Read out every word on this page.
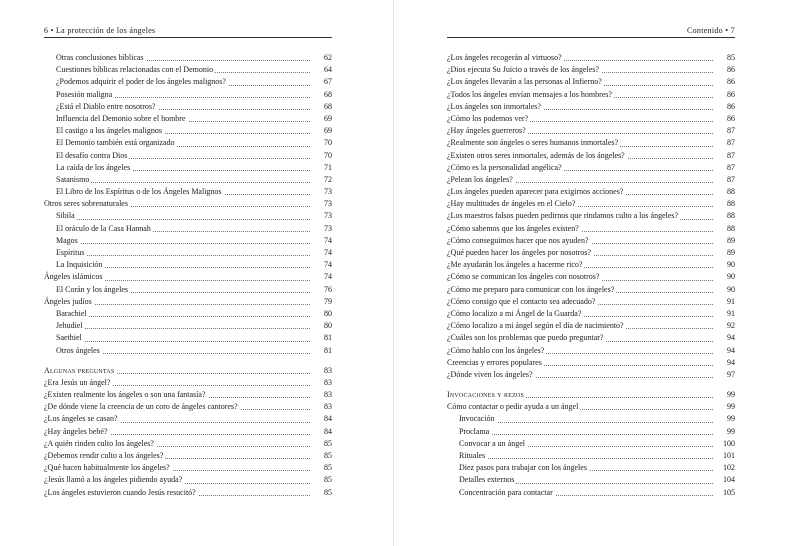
6 • La protección de los ángeles
Otras conclusiones bíblicas	62
Cuestiones bíblicas relacionadas con el Demonio	64
¿Podemos adquirir el poder de los ángeles malignos?	67
Posesión maligna	68
¿Está el Diablo entre nosotros?	68
Influencia del Demonio sobre el hombre	69
El castigo a los ángeles malignos	69
El Demonio también está organizado	70
El desafío contra Dios	70
La caída de los ángeles	71
Satanismo	72
El Libro de los Espíritus o de los Ángeles Malignos	73
Otros seres sobrenaturales	73
Sibila	73
El oráculo de la Casa Hannah	73
Magos	74
Espíritus	74
La Inquisición	74
Ángeles islámicos	74
El Corán y los ángeles	76
Ángeles judíos	79
Barachiel	80
Jehudiel	80
Saethiel	81
Otros ángeles	81
Algunas preguntas	83
¿Era Jesús un ángel?	83
¿Existen realmente los ángeles o son una fantasía?	83
¿De dónde viene la creencia de un coro de ángeles cantores?	83
¿Los ángeles se casan?	84
¿Hay ángeles bebé?	84
¿A quién rinden culto los ángeles?	85
¿Debemos rendir culto a los ángeles?	85
¿Qué hacen habitualmente los ángeles?	85
¿Jesús llamó a los ángeles pidiendo ayuda?	85
¿Los ángeles estuvieron cuando Jesús resucitó?	85
Contenido • 7
¿Los ángeles recogerán al virtuoso?	85
¿Dios ejecuta Su Juicio a través de los ángeles?	86
¿Los ángeles llevarán a las personas al Infierno?	86
¿Todos los ángeles envían mensajes a los hombres?	86
¿Los ángeles son inmortales?	86
¿Cómo los podemos ver?	86
¿Hay ángeles guerreros?	87
¿Realmente son ángeles o seres humanos inmortales?	87
¿Existen otros seres inmortales, además de los ángeles?	87
¿Cómo es la personalidad angélica?	87
¿Pelean los ángeles?	87
¿Los ángeles pueden aparecer para exigirnos acciones?	88
¿Hay multitudes de ángeles en el Cielo?	88
¿Los maestros falsos pueden pedirnos que rindamos culto a los ángeles?	88
¿Cómo sabemos que los ángeles existen?	88
¿Cómo conseguimos hacer que nos ayuden?	89
¿Qué pueden hacer los ángeles por nosotros?	89
¿Me ayudarán los ángeles a hacerme rico?	90
¿Cómo se comunican los ángeles con nosotros?	90
¿Cómo me preparo para comunicar con los ángeles?	90
¿Cómo consigo que el contacto sea adecuado?	91
¿Cómo localizo a mi Ángel de la Guarda?	91
¿Cómo localizo a mi ángel según el día de nacimiento?	92
¿Cuáles son los problemas que puedo preguntar?	94
¿Cómo hablo con los ángeles?	94
Creencias y errores populares	94
¿Dónde viven los ángeles?	97
Invocaciones y rezos	99
Cómo contactar o pedir ayuda a un ángel	99
Invocación	99
Proclama	99
Convocar a un ángel	100
Rituales	101
Diez pasos para trabajar con los ángeles	102
Detalles externos	104
Concentración para contactar	105
